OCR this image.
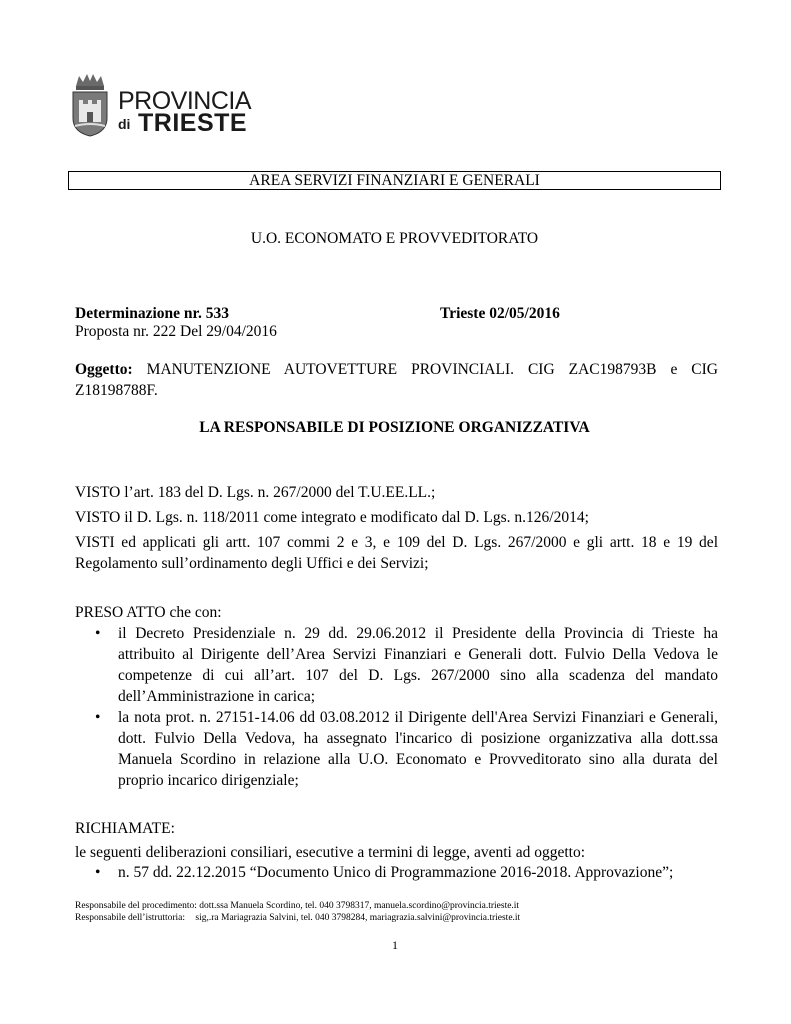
PROVINCIA
di TRIESTE
AREA SERVIZI FINANZIARI E GENERALI
U.O. ECONOMATO E PROVVEDITORATO
Determinazione nr. 533	Trieste 02/05/2016
Proposta nr. 222 Del 29/04/2016
Oggetto: MANUTENZIONE AUTOVETTURE PROVINCIALI. CIG ZAC198793B e CIG
Z18198788F.
LA RESPONSABILE DI POSIZIONE ORGANIZZATIVA
VISTO l’art. 183 del D. Lgs. n. 267/2000 del T.U.EE.LL.;
VISTO il D. Lgs. n. 118/2011 come integrato e modificato dal D. Lgs. n.126/2014;
VISTI ed applicati gli artt. 107 commi 2 e 3, e 109 del D. Lgs. 267/2000 e gli artt. 18 e 19 del
Regolamento sull’ordinamento degli Uffici e dei Servizi;
PRESO ATTO che con:
• il Decreto Presidenziale n. 29 dd. 29.06.2012 il Presidente della Provincia di Trieste ha
attribuito al Dirigente dell’Area Servizi Finanziari e Generali dott. Fulvio Della Vedova le
competenze di cui all’art. 107 del D. Lgs. 267/2000 sino alla scadenza del mandato
dell’Amministrazione in carica;
• la nota prot. n. 27151-14.06 dd 03.08.2012 il Dirigente dell'Area Servizi Finanziari e Generali,
dott. Fulvio Della Vedova, ha assegnato l'incarico di posizione organizzativa alla dott.ssa
Manuela Scordino in relazione alla U.O. Economato e Provveditorato sino alla durata del
proprio incarico dirigenziale;
RICHIAMATE:
le seguenti deliberazioni consiliari, esecutive a termini di legge, aventi ad oggetto:
• n. 57 dd. 22.12.2015 “Documento Unico di Programmazione 2016-2018. Approvazione”;
Responsabile del procedimento: dott.ssa Manuela Scordino, tel. 040 3798317, manuela.scordino@provincia.trieste.it
Responsabile dell’istruttoria: sig,.ra Mariagrazia Salvini, tel. 040 3798284, mariagrazia.salvini@provincia.trieste.it
1
